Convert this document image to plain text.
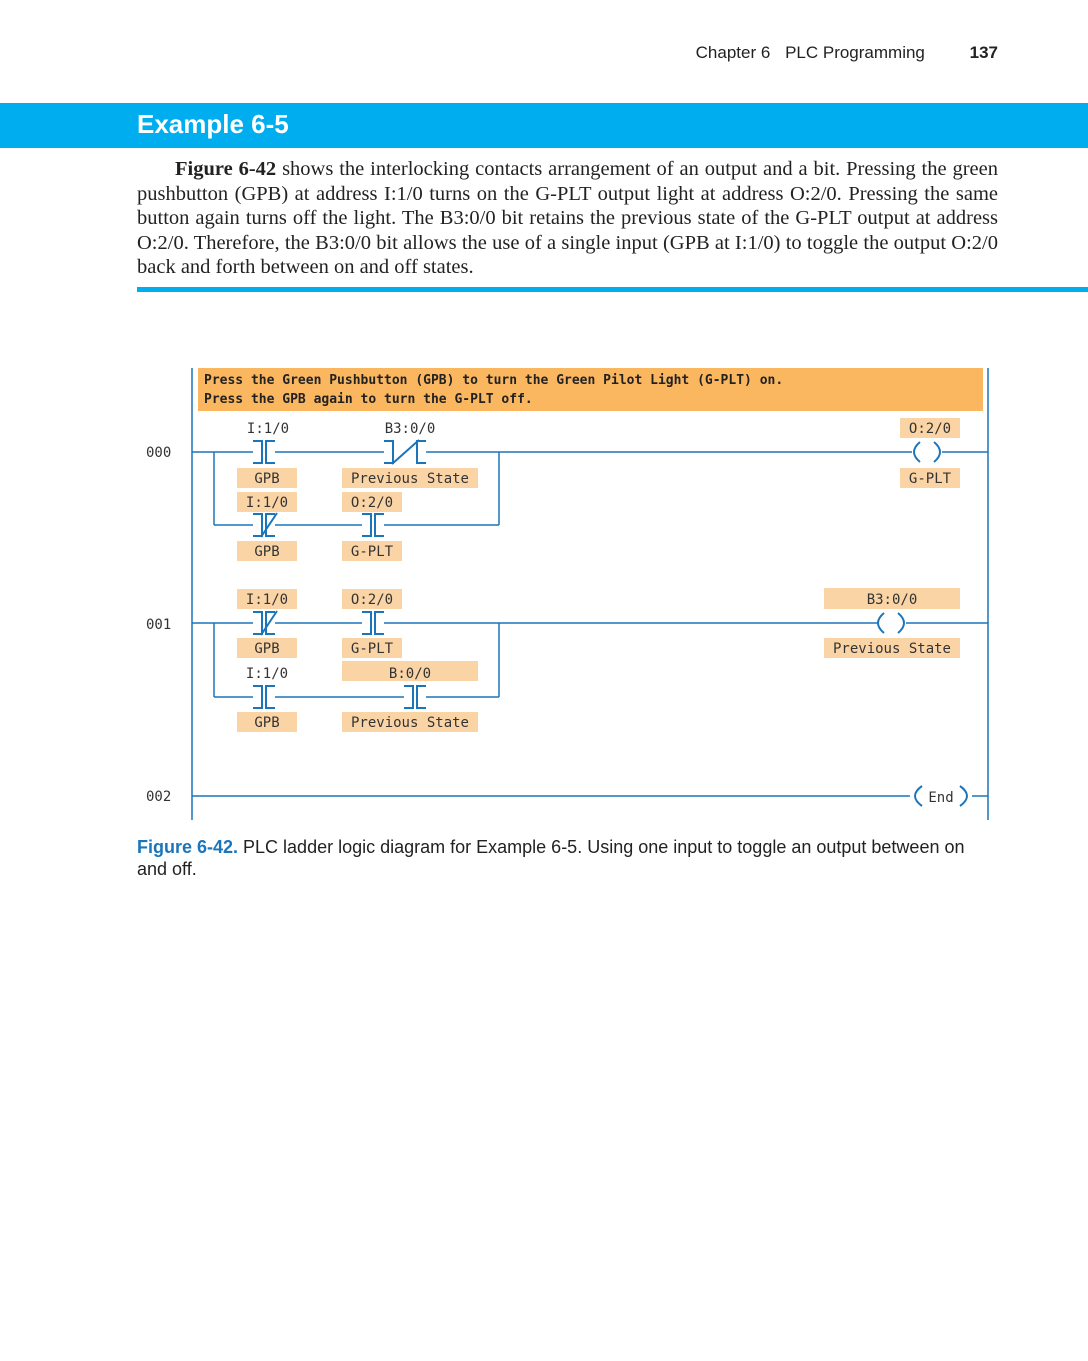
Chapter 6 PLC Programming	137
Example 6-5

Figure 6-42 shows the interlocking contacts arrangement of an output and a bit. Pressing the green pushbutton (GPB) at address I:1/0 turns on the G-PLT output light at address O:2/0. Pressing the same button again turns off the light. The B3:0/0 bit retains the previous state of the G-PLT output at address O:2/0. Therefore, the B3:0/0 bit allows the use of a single input (GPB at I:1/0) to toggle the output O:2/0 back and forth between on and off states.

Press the Green Pushbutton (GPB) to turn the Green Pilot Light (G-PLT) on.
Press the GPB again to turn the G-PLT off.
000
I:1/0
GPB
B3:0/0
Previous State
I:1/0
GPB
O:2/0
G-PLT
O:2/0
G-PLT
001
I:1/0
GPB
O:2/0
G-PLT
I:1/0
GPB
B:0/0
Previous State
B3:0/0
Previous State
002	End

Figure 6-42. PLC ladder logic diagram for Example 6-5. Using one input to toggle an output between on and off.
